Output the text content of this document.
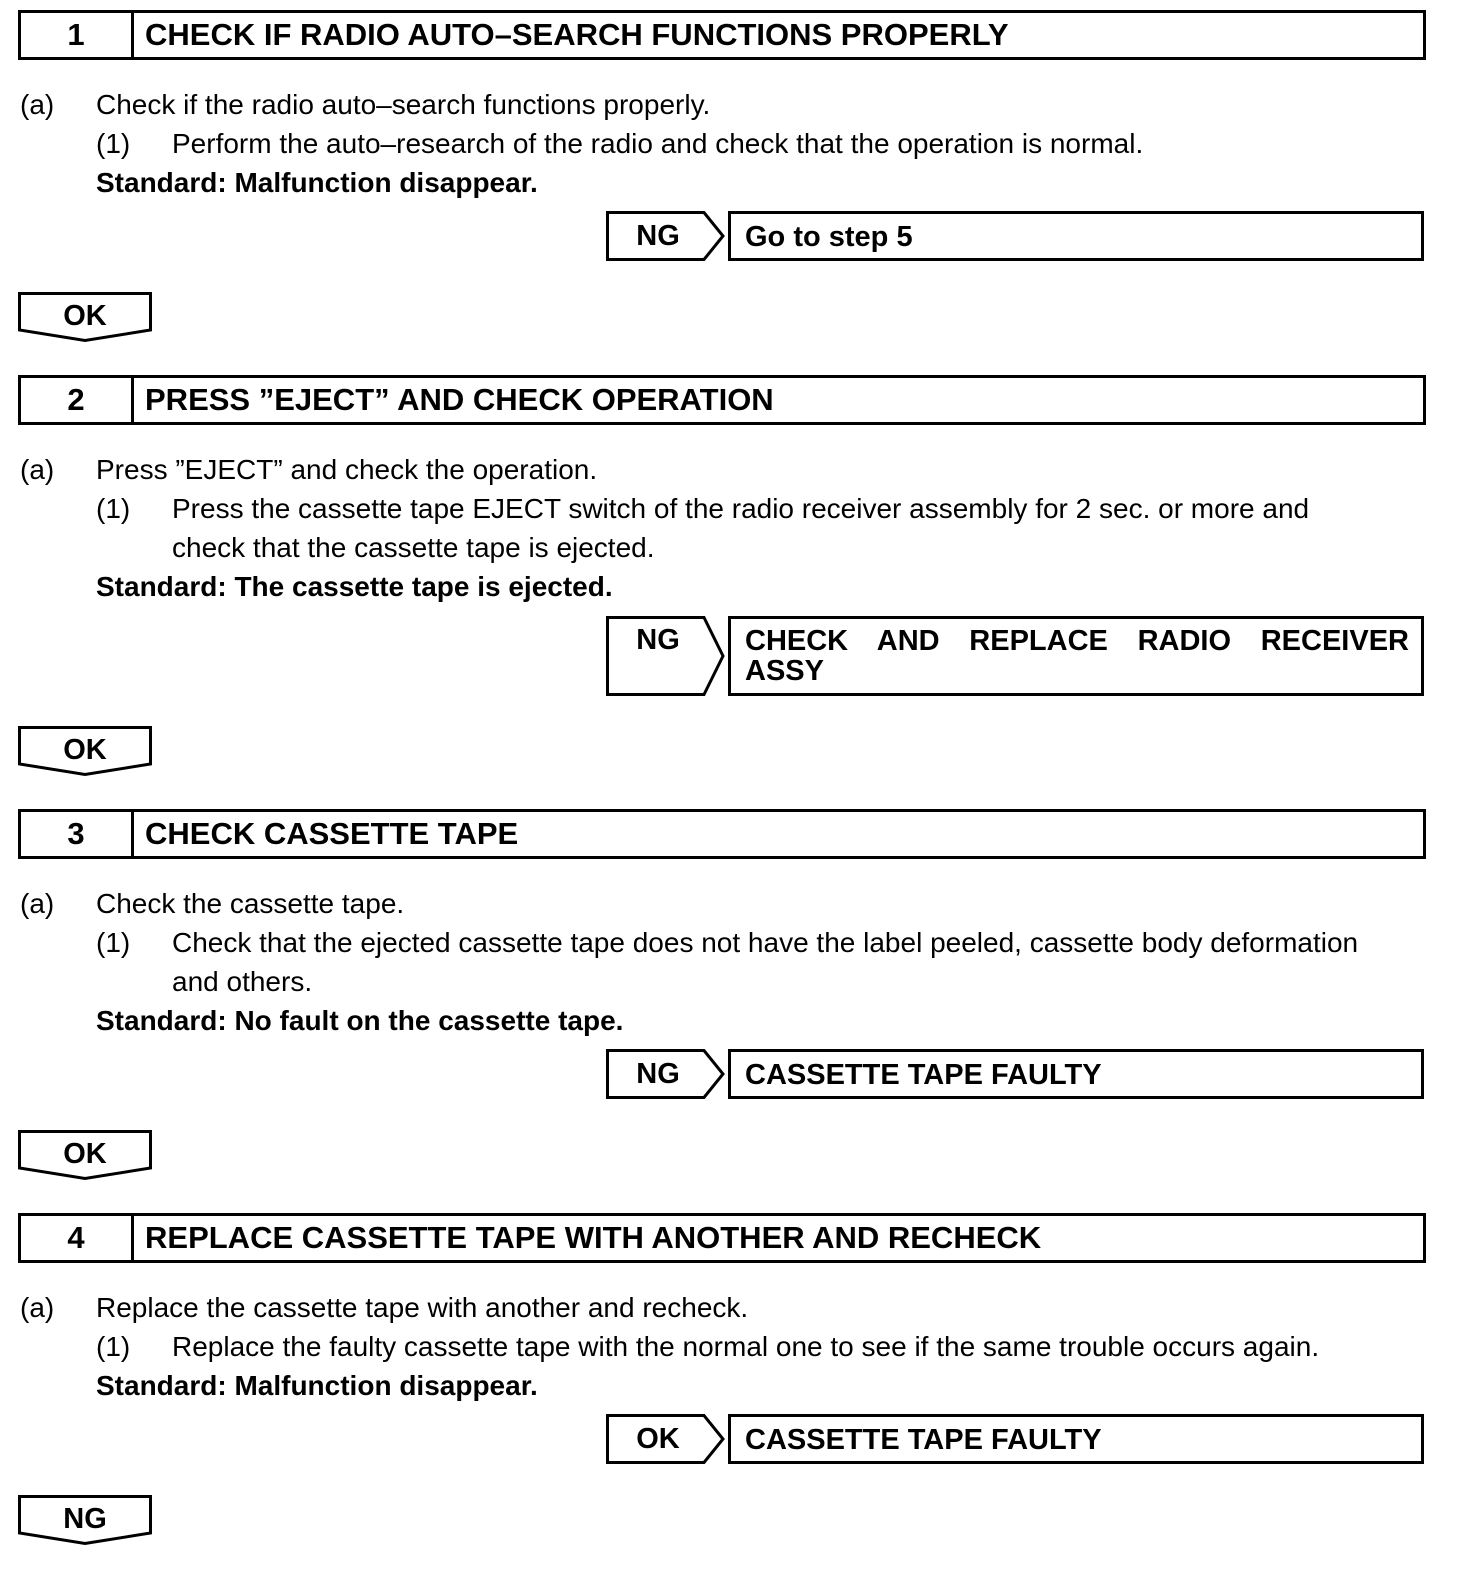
1	CHECK IF RADIO AUTO–SEARCH FUNCTIONS PROPERLY
(a) Check if the radio auto–search functions properly.
(1) Perform the auto–research of the radio and check that the operation is normal.
Standard: Malfunction disappear.
NG	Go to step 5
OK
2	PRESS ”EJECT” AND CHECK OPERATION
(a) Press ”EJECT” and check the operation.
(1) Press the cassette tape EJECT switch of the radio receiver assembly for 2 sec. or more and
check that the cassette tape is ejected.
Standard: The cassette tape is ejected.
NG	CHECK AND REPLACE RADIO RECEIVER
ASSY
OK
3	CHECK CASSETTE TAPE
(a) Check the cassette tape.
(1) Check that the ejected cassette tape does not have the label peeled, cassette body deformation
and others.
Standard: No fault on the cassette tape.
NG	CASSETTE TAPE FAULTY
OK
4	REPLACE CASSETTE TAPE WITH ANOTHER AND RECHECK
(a) Replace the cassette tape with another and recheck.
(1) Replace the faulty cassette tape with the normal one to see if the same trouble occurs again.
Standard: Malfunction disappear.
OK	CASSETTE TAPE FAULTY
NG
